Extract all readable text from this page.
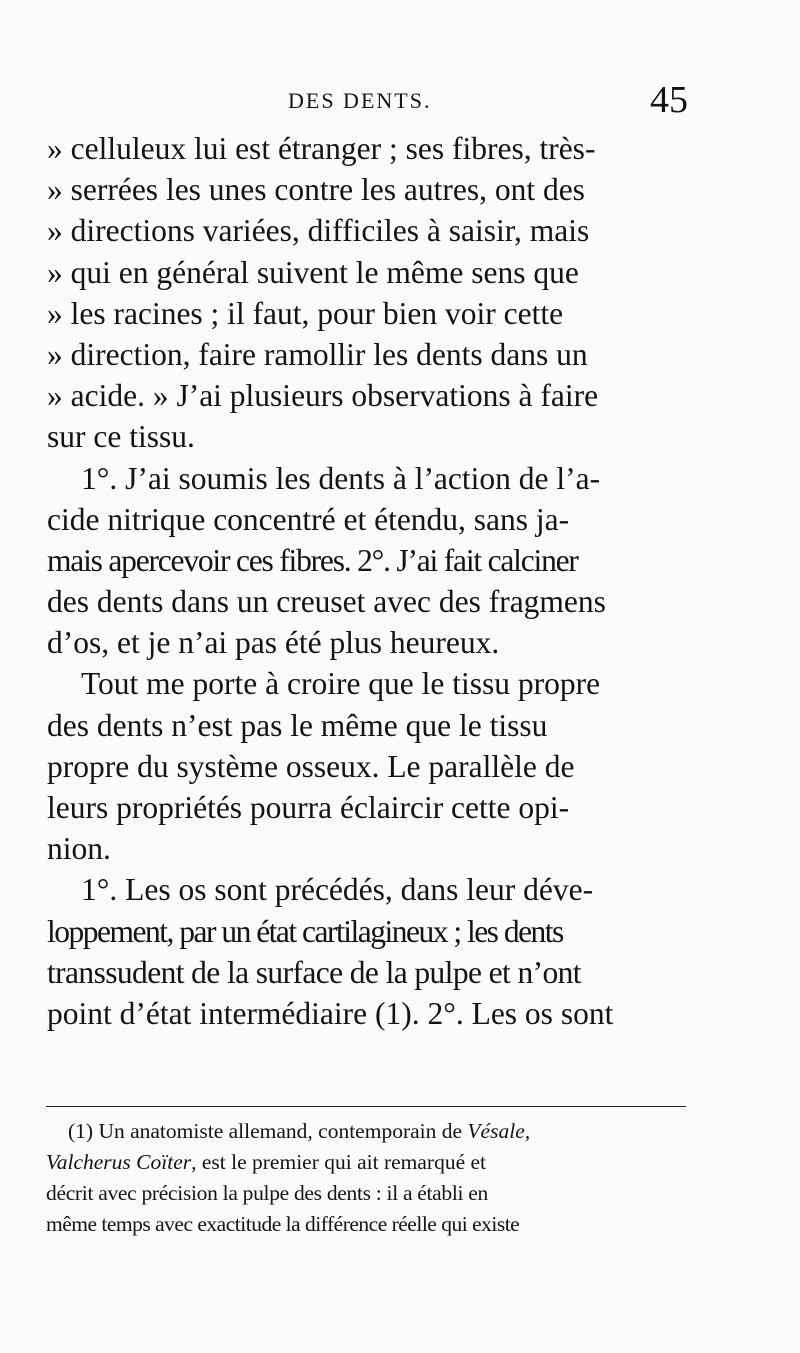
DES DENTS.	45
» celluleux lui est étranger ; ses fibres, très-
» serrées les unes contre les autres, ont des
» directions variées, difficiles à saisir, mais
» qui en général suivent le même sens que
» les racines ; il faut, pour bien voir cette
» direction, faire ramollir les dents dans un
» acide. » J’ai plusieurs observations à faire
sur ce tissu.
1°. J’ai soumis les dents à l’action de l’a-
cide nitrique concentré et étendu, sans ja-
mais apercevoir ces fibres. 2°. J’ai fait calciner
des dents dans un creuset avec des fragmens
d’os, et je n’ai pas été plus heureux.
Tout me porte à croire que le tissu propre
des dents n’est pas le même que le tissu
propre du système osseux. Le parallèle de
leurs propriétés pourra éclaircir cette opi-
nion.
1°. Les os sont précédés, dans leur déve-
loppement, par un état cartilagineux ; les dents
transsudent de la surface de la pulpe et n’ont
point d’état intermédiaire (1). 2°. Les os sont
(1) Un anatomiste allemand, contemporain de Vésale,
Valcherus Coïter, est le premier qui ait remarqué et
décrit avec précision la pulpe des dents : il a établi en
même temps avec exactitude la différence réelle qui existe
